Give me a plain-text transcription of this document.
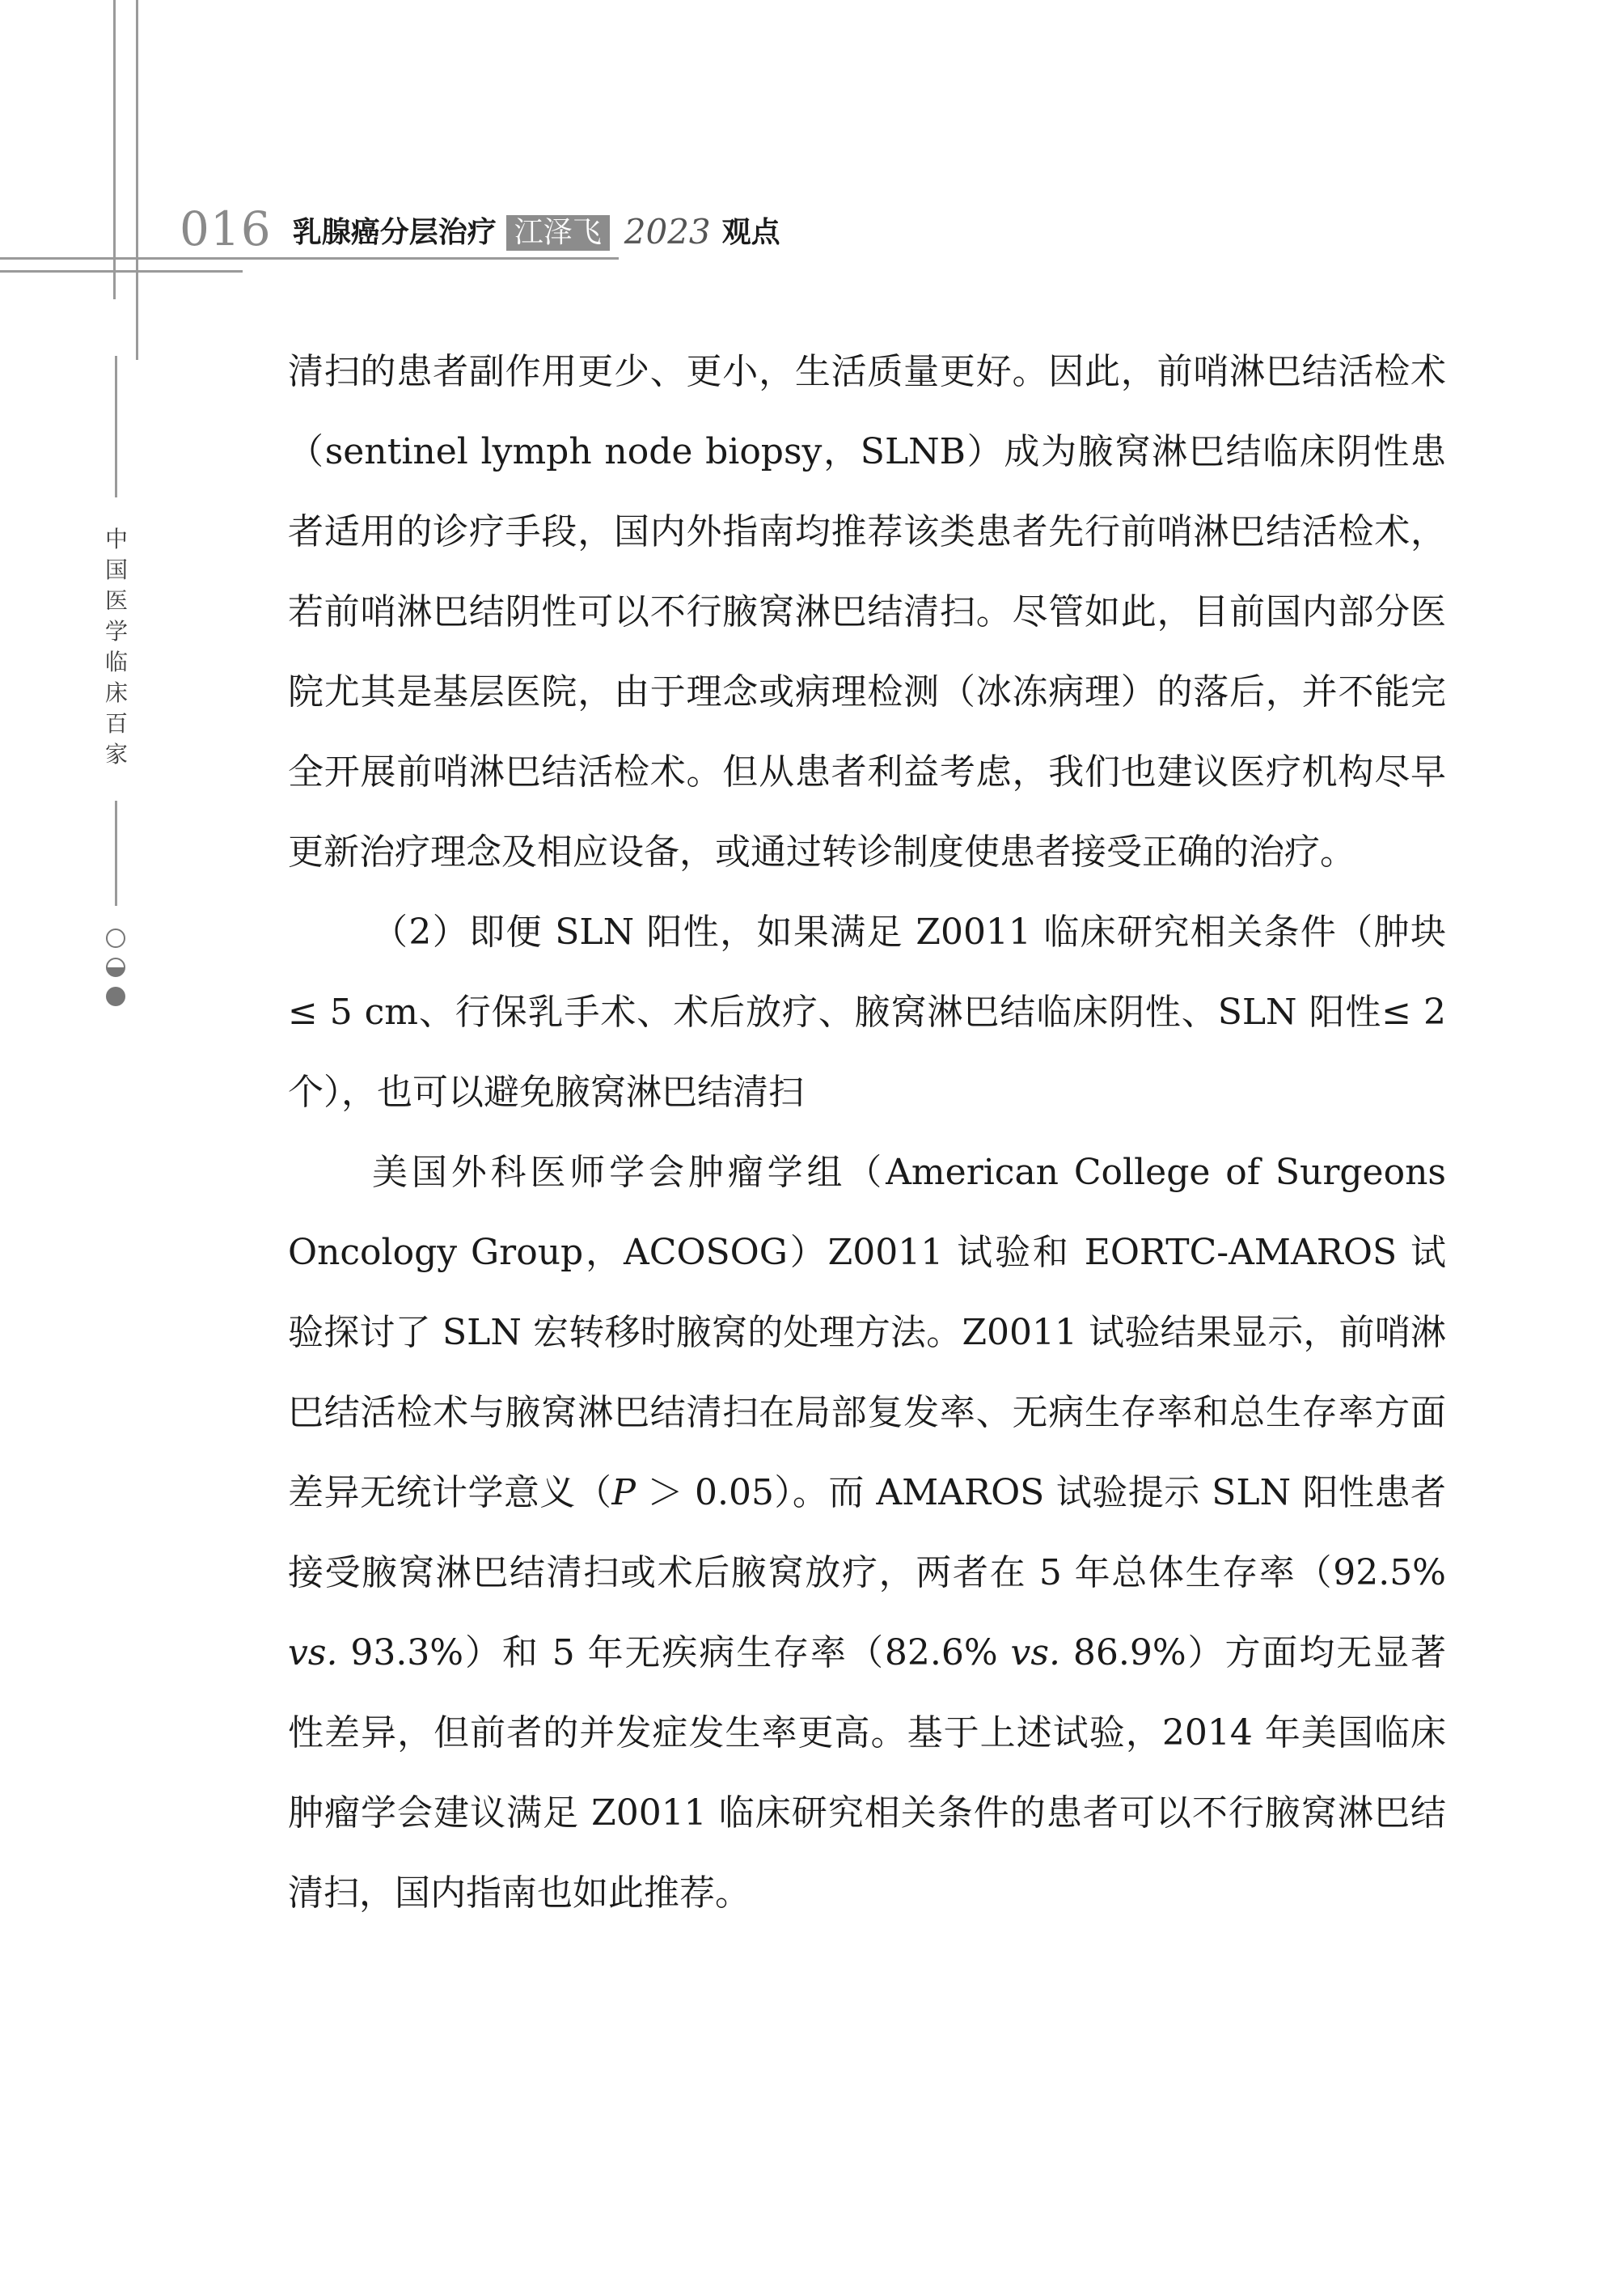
016 乳腺癌分层治疗 江泽飞 2023 观点
中国医学临床百家

清扫的患者副作用更少、更小，生活质量更好。因此，前哨淋巴结活检术（sentinel lymph node biopsy，SLNB）成为腋窝淋巴结临床阴性患者适用的诊疗手段，国内外指南均推荐该类患者先行前哨淋巴结活检术，若前哨淋巴结阴性可以不行腋窝淋巴结清扫。尽管如此，目前国内部分医院尤其是基层医院，由于理念或病理检测（冰冻病理）的落后，并不能完全开展前哨淋巴结活检术。但从患者利益考虑，我们也建议医疗机构尽早更新治疗理念及相应设备，或通过转诊制度使患者接受正确的治疗。

（2）即便 SLN 阳性，如果满足 Z0011 临床研究相关条件（肿块≤ 5 cm、行保乳手术、术后放疗、腋窝淋巴结临床阴性、SLN 阳性≤ 2 个），也可以避免腋窝淋巴结清扫

美国外科医师学会肿瘤学组（American College of Surgeons Oncology Group，ACOSOG）Z0011 试验和 EORTC-AMAROS 试验探讨了 SLN 宏转移时腋窝的处理方法。Z0011 试验结果显示，前哨淋巴结活检术与腋窝淋巴结清扫在局部复发率、无病生存率和总生存率方面差异无统计学意义（P ＞ 0.05）。而 AMAROS 试验提示 SLN 阳性患者接受腋窝淋巴结清扫或术后腋窝放疗，两者在 5 年总体生存率（92.5% vs. 93.3%）和 5 年无疾病生存率（82.6% vs. 86.9%）方面均无显著性差异，但前者的并发症发生率更高。基于上述试验，2014 年美国临床肿瘤学会建议满足 Z0011 临床研究相关条件的患者可以不行腋窝淋巴结清扫，国内指南也如此推荐。
